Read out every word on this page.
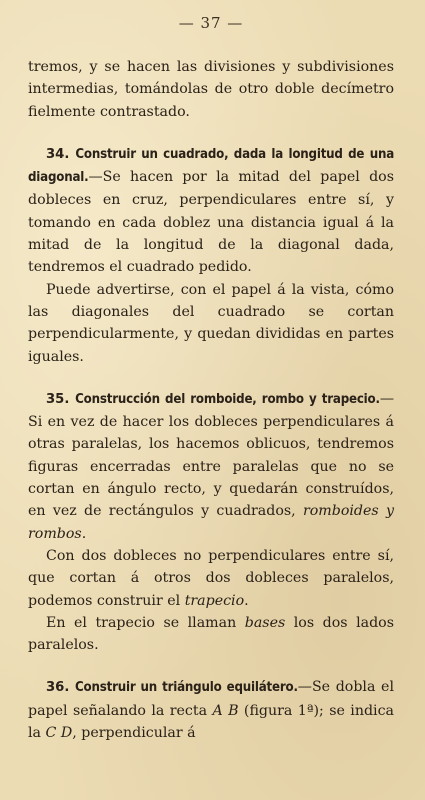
— 37 —

tremos, y se hacen las divisiones y subdivisiones intermedias, tomándolas de otro doble decímetro fielmente contrastado.

34. Construir un cuadrado, dada la longitud de una diagonal.—Se hacen por la mitad del papel dos dobleces en cruz, perpendiculares entre sí, y tomando en cada doblez una distancia igual á la mitad de la longitud de la diagonal dada, tendremos el cuadrado pedido.

Puede advertirse, con el papel á la vista, cómo las diagonales del cuadrado se cortan perpendicularmente, y quedan divididas en partes iguales.

35. Construcción del romboide, rombo y trapecio.—Si en vez de hacer los dobleces perpendiculares á otras paralelas, los hacemos oblicuos, tendremos figuras encerradas entre paralelas que no se cortan en ángulo recto, y quedarán construídos, en vez de rectángulos y cuadrados, romboides y rombos.

Con dos dobleces no perpendiculares entre sí, que cortan á otros dos dobleces paralelos, podemos construir el trapecio.

En el trapecio se llaman bases los dos lados paralelos.

36. Construir un triángulo equilátero.—Se dobla el papel señalando la recta A B (figura 1ª); se indica la C D, perpendicular á
